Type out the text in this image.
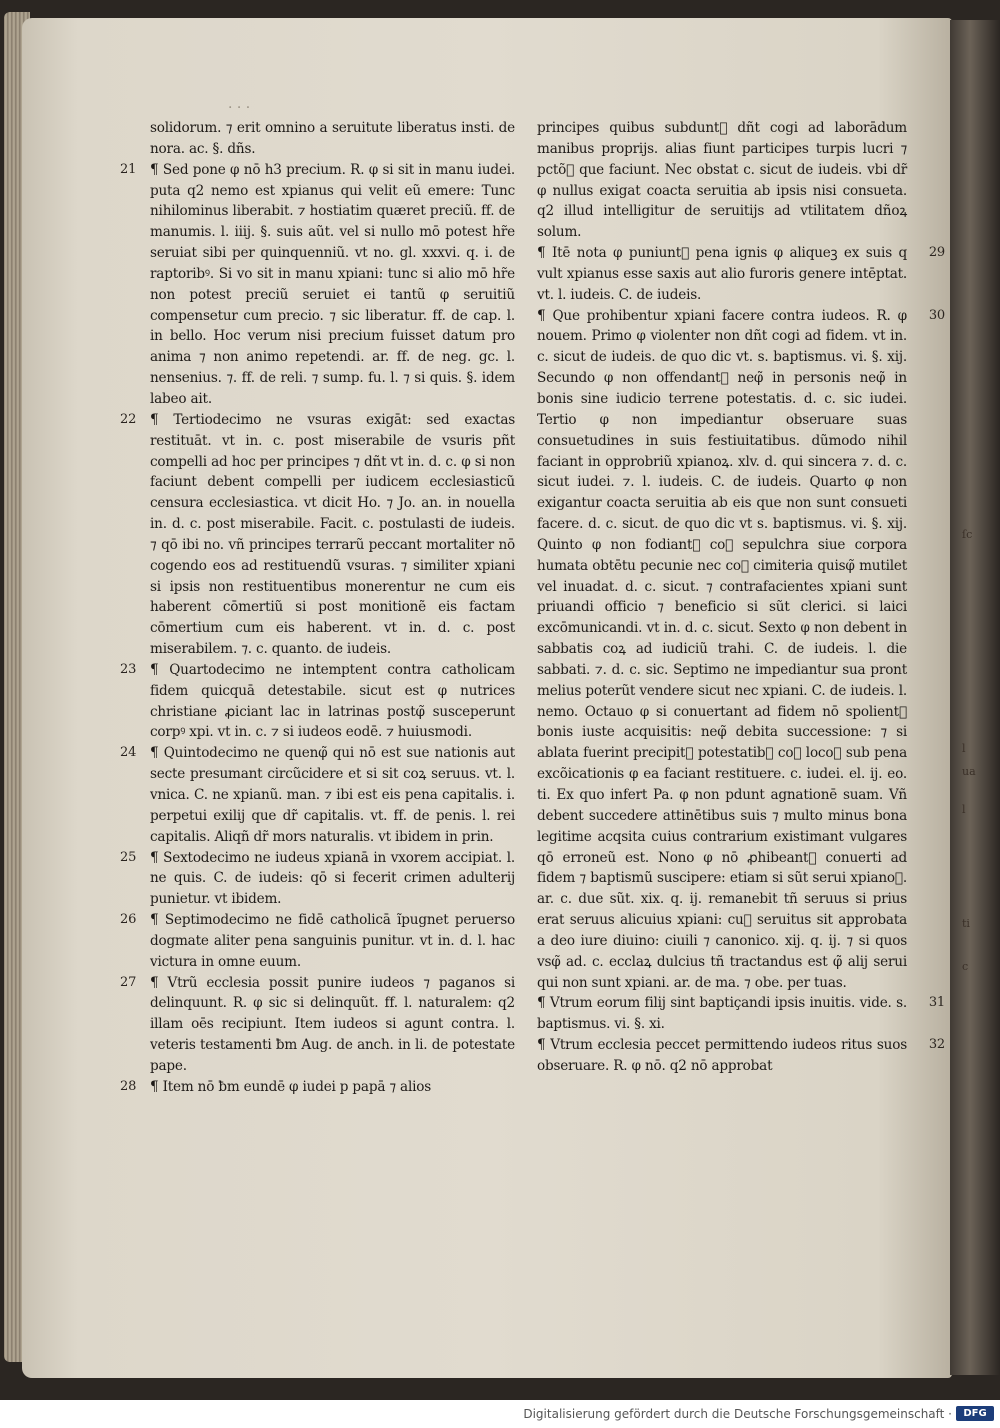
ſc
l
ua
l
ti
c
· · ·

solidorum. ⁊ erit omnino a seruitute liberatus insti. de nora. ac. §. dñs.

21 ¶ Sed pone φ nō h3 precium. R. φ si sit in manu iudei. puta q2 nemo est xpianus qui velit eũ emere: Tunc nihilominus liberabit. ⁊ hostiatim quæret preciũ. ff. de manumis. l. iiij. §. suis aũt. vel si nullo mō potest hr̃e seruiat sibi per quinquenniũ. vt no. gl. xxxvi. q. i. de raptoribꝰ. Si vo sit in manu xpiani: tunc si alio mō hr̃e non potest preciũ seruiet ei tantũ φ seruitiũ compensetur cum precio. ⁊ sic liberatur. ff. de cap. l. in bello. Hoc verum nisi precium fuisset datum pro anima ⁊ non animo repetendi. ar. ff. de neg. gc. l. nensenius. ⁊. ff. de reli. ⁊ sump. fu. l. ⁊ si quis. §. idem labeo ait.

22 ¶ Tertiodecimo ne vsuras exigāt: sed exactas restituāt. vt in. c. post miserabile de vsuris pñt compelli ad hoc per principes ⁊ dñt vt in. d. c. φ si non faciunt debent compelli per iudicem ecclesiasticũ censura ecclesiastica. vt dicit Ho. ⁊ Jo. an. in nouella in. d. c. post miserabile. Facit. c. postulasti de iudeis. ⁊ qō ibi no. vñ principes terrarũ peccant mortaliter nō cogendo eos ad restituendũ vsuras. ⁊ similiter xpiani si ipsis non restituentibus monerentur ne cum eis haberent cōmertiũ si post monitionẽ eis factam cōmertium cum eis haberent. vt in. d. c. post miserabilem. ⁊. c. quanto. de iudeis.

23 ¶ Quartodecimo ne intemptent contra catholicam fidem quicquā detestabile. sicut est φ nutrices christiane ꝓiciant lac in latrinas postφ̃ susceperunt corpꝰ xpi. vt in. c. ⁊ si iudeos eodē. ⁊ huiusmodi.

24 ¶ Quintodecimo ne quenφ̃ qui nō est sue nationis aut secte presumant circũcidere et si sit coꝝ seruus. vt. l. vnica. C. ne xpianũ. man. ⁊ ibi est eis pena capitalis. i. perpetui exilij que dr̃ capitalis. vt. ff. de penis. l. rei capitalis. Aliqñ dr̃ mors naturalis. vt ibidem in prin.

25 ¶ Sextodecimo ne iudeus xpianā in vxorem accipiat. l. ne quis. C. de iudeis: qō si fecerit crimen adulterij punietur. vt ibidem.

26 ¶ Septimodecimo ne fidē catholicā ĩpugnet peruerso dogmate aliter pena sanguinis punitur. vt in. d. l. hac victura in omne euum.

27 ¶ Vtrũ ecclesia possit punire iudeos ⁊ paganos si delinquunt. R. φ sic si delinquũt. ff. l. naturalem: q2 illam oēs recipiunt. Item iudeos si agunt contra. l. veteris testamenti ƀm Aug. de anch. in li. de potestate pape.

28 ¶ Item nō ƀm eundē φ iudei p papā ⁊ alios

principes quibus subduntᷣ dñt cogi ad laborādum manibus proprijs. alias fiunt participes turpis lucri ⁊ pctõꝝ que faciunt. Nec obstat c. sicut de iudeis. vbi dr̃ φ nullus exigat coacta seruitia ab ipsis nisi consueta. q2 illud intelligitur de seruitijs ad vtilitatem dñoꝝ solum.

29
¶ Itē nota φ puniuntᷣ pena ignis φ aliqueꝫ ex suis q vult xpianus esse saxis aut alio furoris genere intēptat. vt. l. iudeis. C. de iudeis.

30
¶ Que prohibentur xpiani facere contra iudeos. R. φ nouem. Primo φ violenter non dñt cogi ad fidem. vt in. c. sicut de iudeis. de quo dic vt. s. baptismus. vi. §. xij. Secundo φ non offendantᷣ neφ̃ in personis neφ̃ in bonis sine iudicio terrene potestatis. d. c. sic iudei. Tertio φ non impediantur obseruare suas consuetudines in suis festiuitatibus. dũmodo nihil faciant in opprobriũ xpianoꝝ. xlv. d. qui sincera ⁊. d. c. sicut iudei. ⁊. l. iudeis. C. de iudeis. Quarto φ non exigantur coacta seruitia ab eis que non sunt consueti facere. d. c. sicut. de quo dic vt s. baptismus. vi. §. xij. Quinto φ non fodiantᷣ coꝝ sepulchra siue corpora humata obtētu pecunie nec coꝝ cimiteria quisφ̃ mutilet vel inuadat. d. c. sicut. ⁊ contrafacientes xpiani sunt priuandi officio ⁊ beneficio si sũt clerici. si laici excōmunicandi. vt in. d. c. sicut. Sexto φ non debent in sabbatis coꝝ ad iudiciũ trahi. C. de iudeis. l. die sabbati. ⁊. d. c. sic. Septimo ne impediantur sua pront melius poterũt vendere sicut nec xpiani. C. de iudeis. l. nemo. Octauo φ si conuertant ad fidem nō spolientᷣ bonis iuste acquisitis: neφ̃ debita successione: ⁊ si ablata fuerint precipitᷣ potestatibꝰ coꝝ locoꝝ sub pena excõicationis φ ea faciant restituere. c. iudei. el. ij. eo. ti. Ex quo infert Pa. φ non pdunt agnationē suam. Vñ debent succedere attinētibus suis ⁊ multo minus bona legitime acqsita cuius contrarium existimant vulgares qō erroneũ est. Nono φ nō ꝓhibeantᷣ conuerti ad fidem ⁊ baptismũ suscipere: etiam si sũt serui xpianoꝝ. ar. c. due sũt. xix. q. ij. remanebit tñ seruus si prius erat seruus alicuius xpiani: cuꝫ seruitus sit approbata a deo iure diuino: ciuili ⁊ canonico. xij. q. ij. ⁊ si quos vsφ̃ ad. c. ecclaꝝ dulcius tñ tractandus est φ̃ alij serui qui non sunt xpiani. ar. de ma. ⁊ obe. per tuas.

31
¶ Vtrum eorum filij sint baptiçandi ipsis inuitis. vide. s. baptismus. vi. §. xi.

32
¶ Vtrum ecclesia peccet permittendo iudeos ritus suos obseruare. R. φ nō. q2 nō approbat

Digitalisierung gefördert durch die Deutsche Forschungsgemeinschaft ·	DFG
